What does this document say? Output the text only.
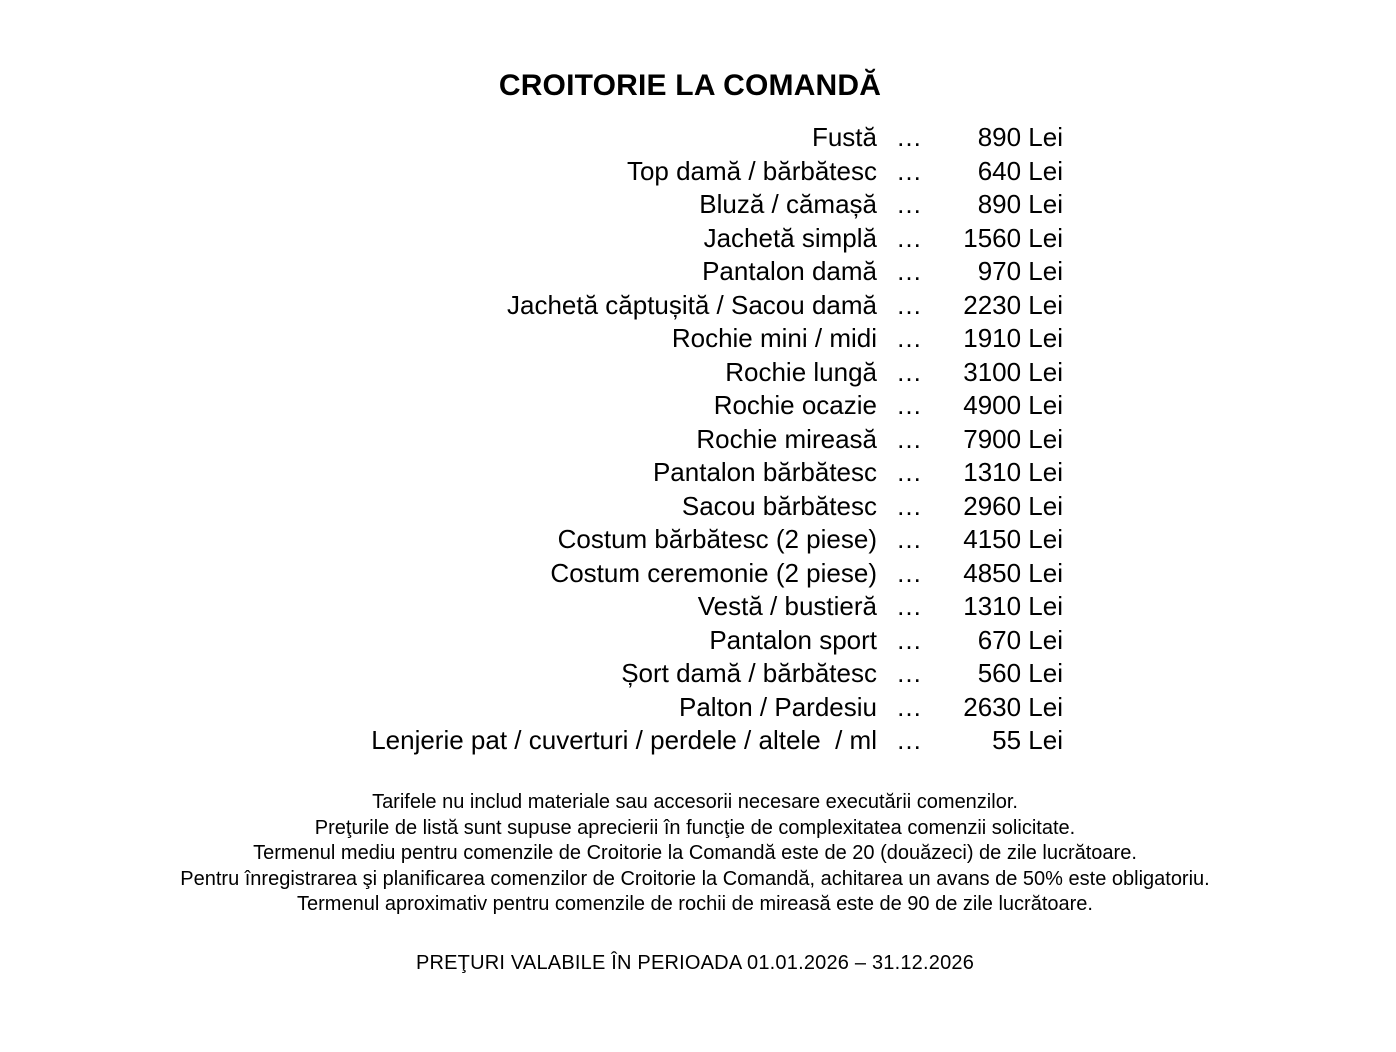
CROITORIE LA COMANDĂ
Fustă …	890 Lei
Top damă / bărbătesc …	640 Lei
Bluză / cămașă …	890 Lei
Jachetă simplă …	1560 Lei
Pantalon damă …	970 Lei
Jachetă căptușită / Sacou damă …	2230 Lei
Rochie mini / midi …	1910 Lei
Rochie lungă …	3100 Lei
Rochie ocazie …	4900 Lei
Rochie mireasă …	7900 Lei
Pantalon bărbătesc …	1310 Lei
Sacou bărbătesc …	2960 Lei
Costum bărbătesc (2 piese) …	4150 Lei
Costum ceremonie (2 piese) …	4850 Lei
Vestă / bustieră …	1310 Lei
Pantalon sport …	670 Lei
Șort damă / bărbătesc …	560 Lei
Palton / Pardesiu …	2630 Lei
Lenjerie pat / cuverturi / perdele / altele  / ml …	55 Lei
Tarifele nu includ materiale sau accesorii necesare executării comenzilor.
Preţurile de listă sunt supuse aprecierii în funcţie de complexitatea comenzii solicitate.
Termenul mediu pentru comenzile de Croitorie la Comandă este de 20 (douăzeci) de zile lucrătoare.
Pentru înregistrarea şi planificarea comenzilor de Croitorie la Comandă, achitarea un avans de 50% este obligatoriu.
Termenul aproximativ pentru comenzile de rochii de mireasă este de 90 de zile lucrătoare.
PREŢURI VALABILE ÎN PERIOADA 01.01.2026 – 31.12.2026
